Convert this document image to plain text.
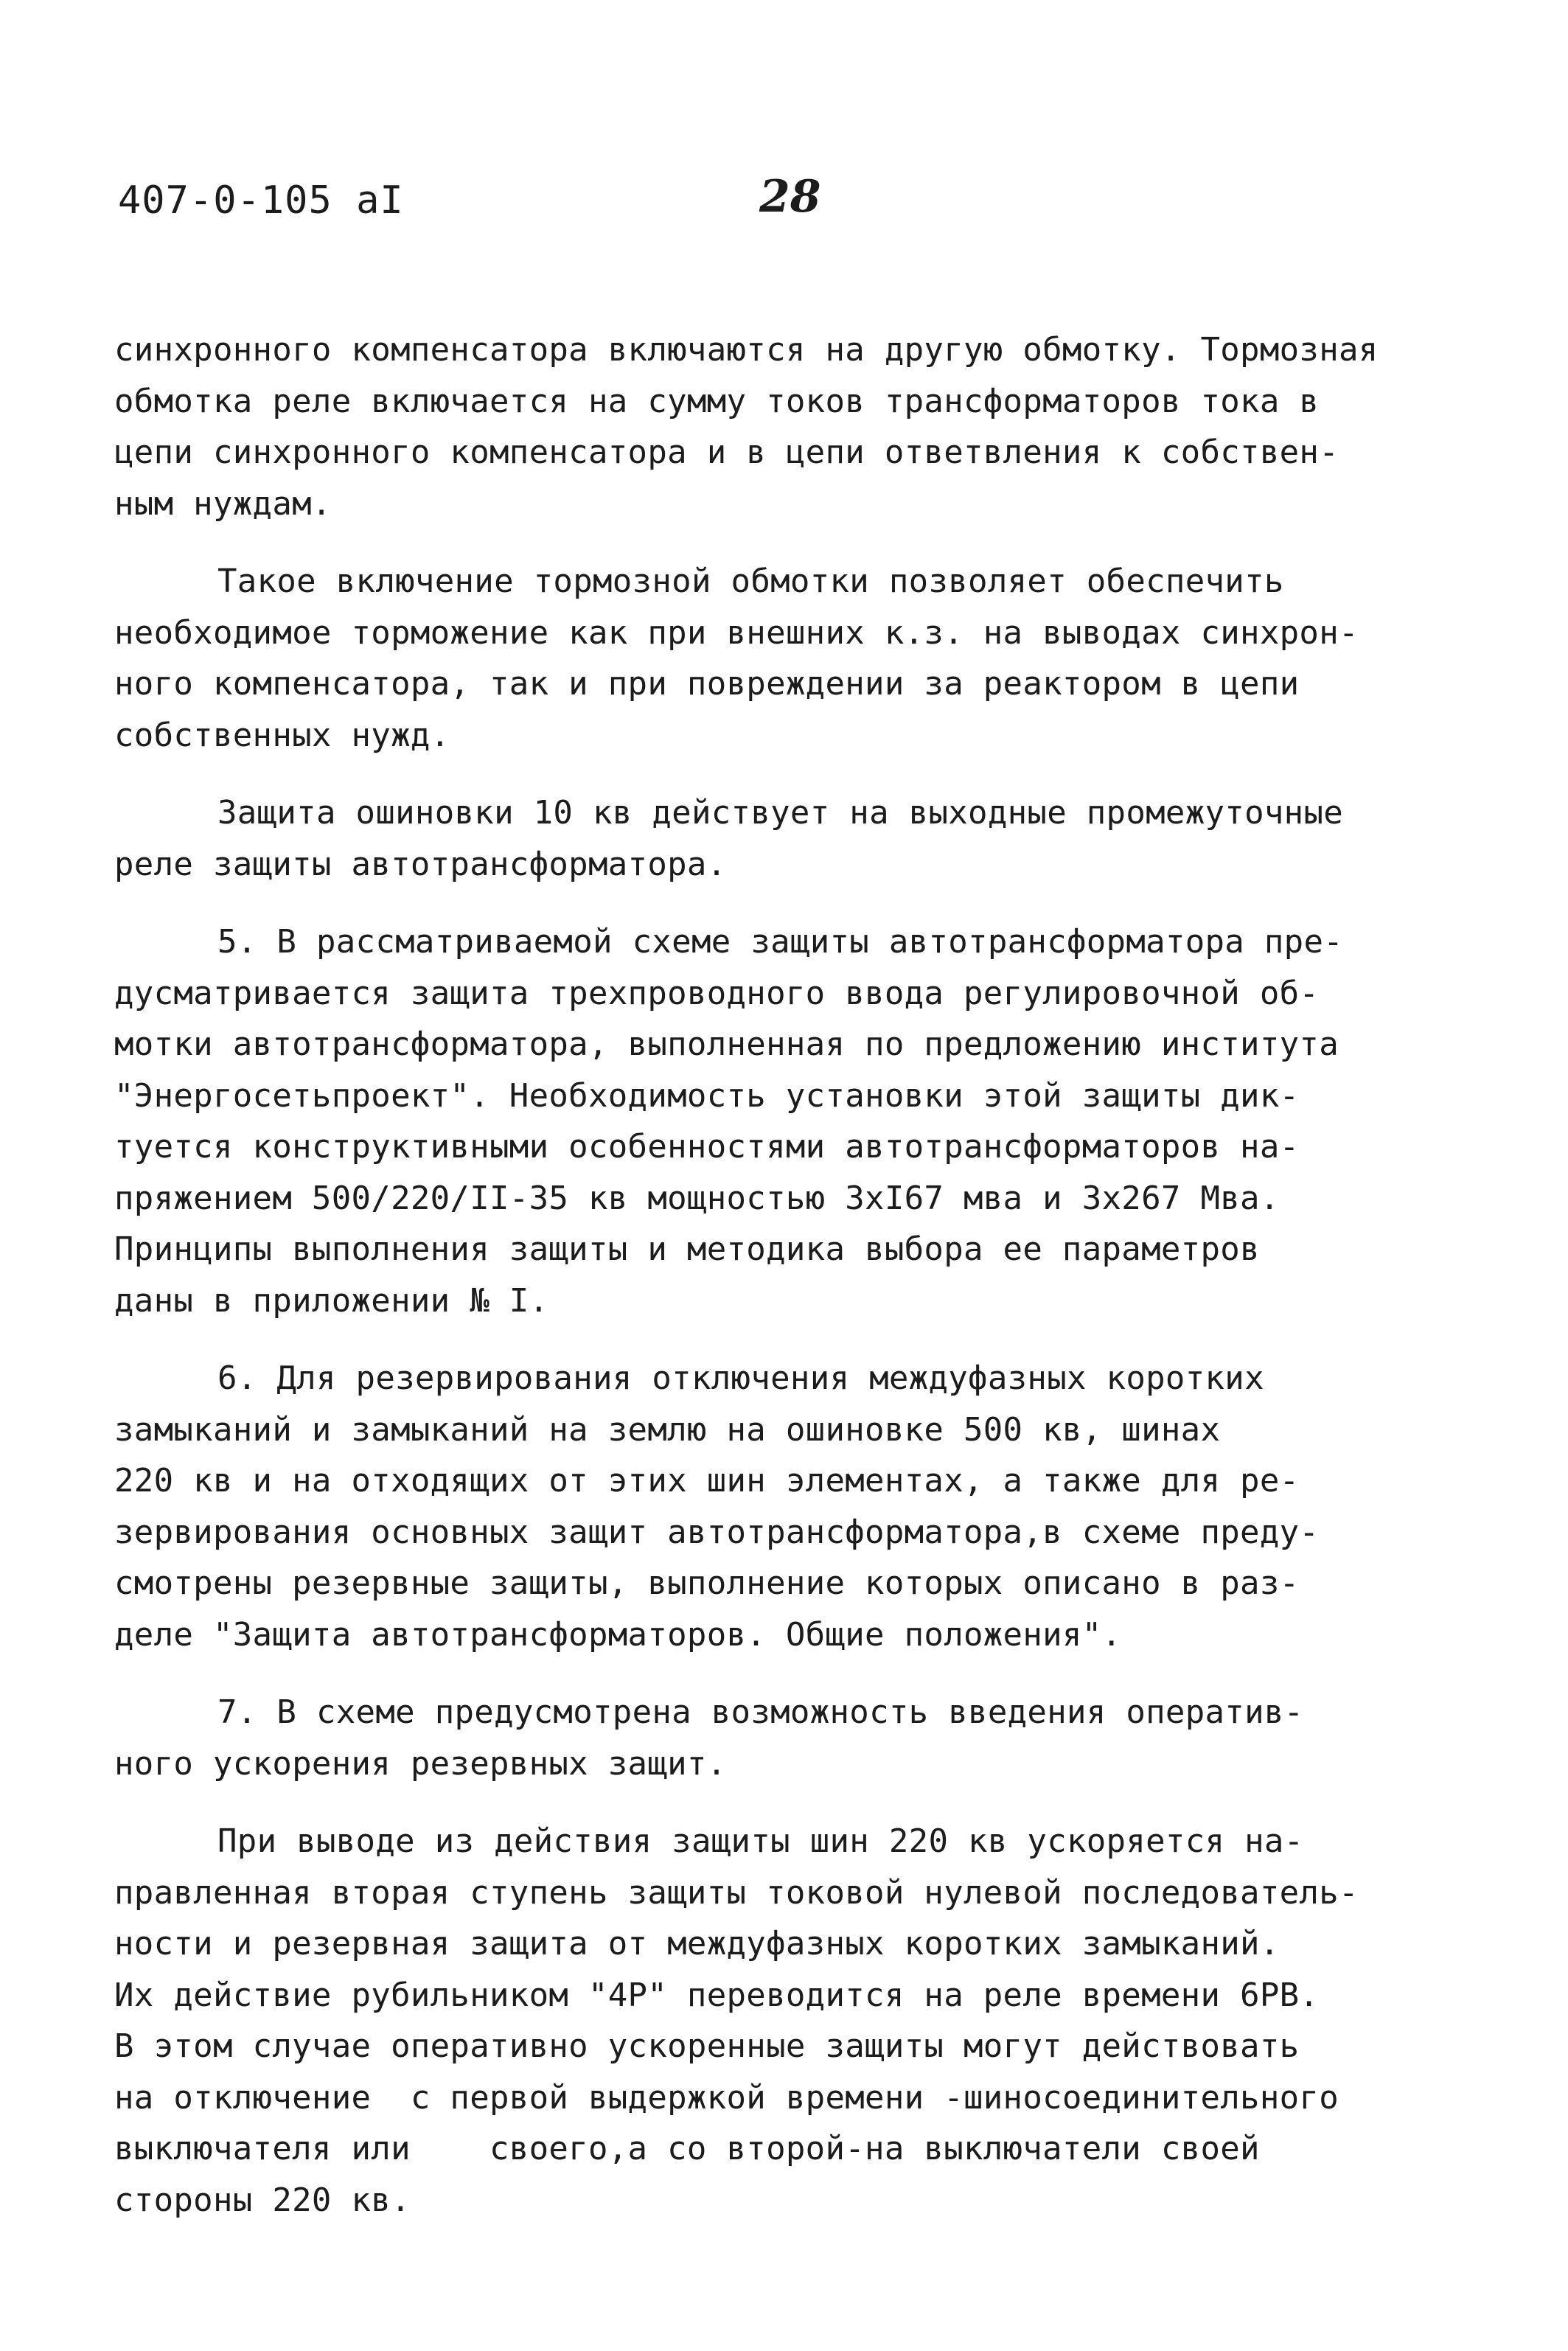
407-0-105 aI	28
синхронного компенсатора включаются на другую обмотку. Тормозная
обмотка реле включается на сумму токов трансформаторов тока в
цепи синхронного компенсатора и в цепи ответвления к собствен-
ным нуждам.
Такое включение тормозной обмотки позволяет обеспечить
необходимое торможение как при внешних к.з. на выводах синхрон-
ного компенсатора, так и при повреждении за реактором в цепи
собственных нужд.
Защита ошиновки 10 кв действует на выходные промежуточные
реле защиты автотрансформатора.
5. В рассматриваемой схеме защиты автотрансформатора пре-
дусматривается защита трехпроводного ввода регулировочной об-
мотки автотрансформатора, выполненная по предложению института
"Энергосетьпроект". Необходимость установки этой защиты дик-
туется конструктивными особенностями автотрансформаторов на-
пряжением 500/220/II-35 кв мощностью 3хI67 мва и 3х267 Мва.
Принципы выполнения защиты и методика выбора ее параметров
даны в приложении № I.
6. Для резервирования отключения междуфазных коротких
замыканий и замыканий на землю на ошиновке 500 кв, шинах
220 кв и на отходящих от этих шин элементах, а также для ре-
зервирования основных защит автотрансформатора,в схеме преду-
смотрены резервные защиты, выполнение которых описано в раз-
деле "Защита автотрансформаторов. Общие положения".
7. В схеме предусмотрена возможность введения оператив-
ного ускорения резервных защит.
При выводе из действия защиты шин 220 кв ускоряется на-
правленная вторая ступень защиты токовой нулевой последователь-
ности и резервная защита от междуфазных коротких замыканий.
Их действие рубильником "4Р" переводится на реле времени 6РВ.
В этом случае оперативно ускоренные защиты могут действовать
на отключение  с первой выдержкой времени -шиносоединительного
выключателя или    своего,а со второй-на выключатели своей
стороны 220 кв.
